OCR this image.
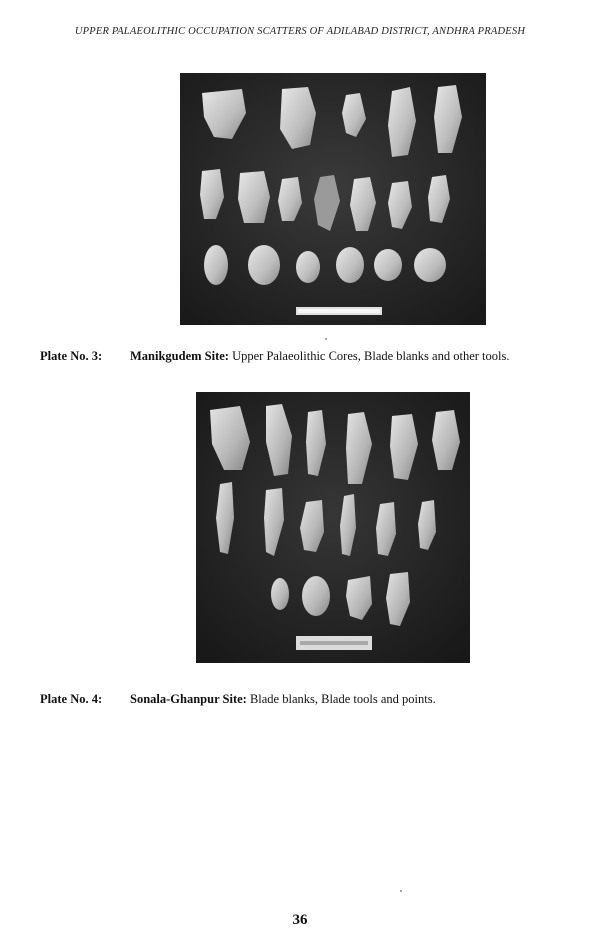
UPPER PALAEOLITHIC OCCUPATION SCATTERS OF ADILABAD DISTRICT, ANDHRA PRADESH
Plate No. 3: Manikgudem Site: Upper Palaeolithic Cores, Blade blanks and other tools.
Plate No. 4: Sonala-Ghanpur Site: Blade blanks, Blade tools and points.
36
